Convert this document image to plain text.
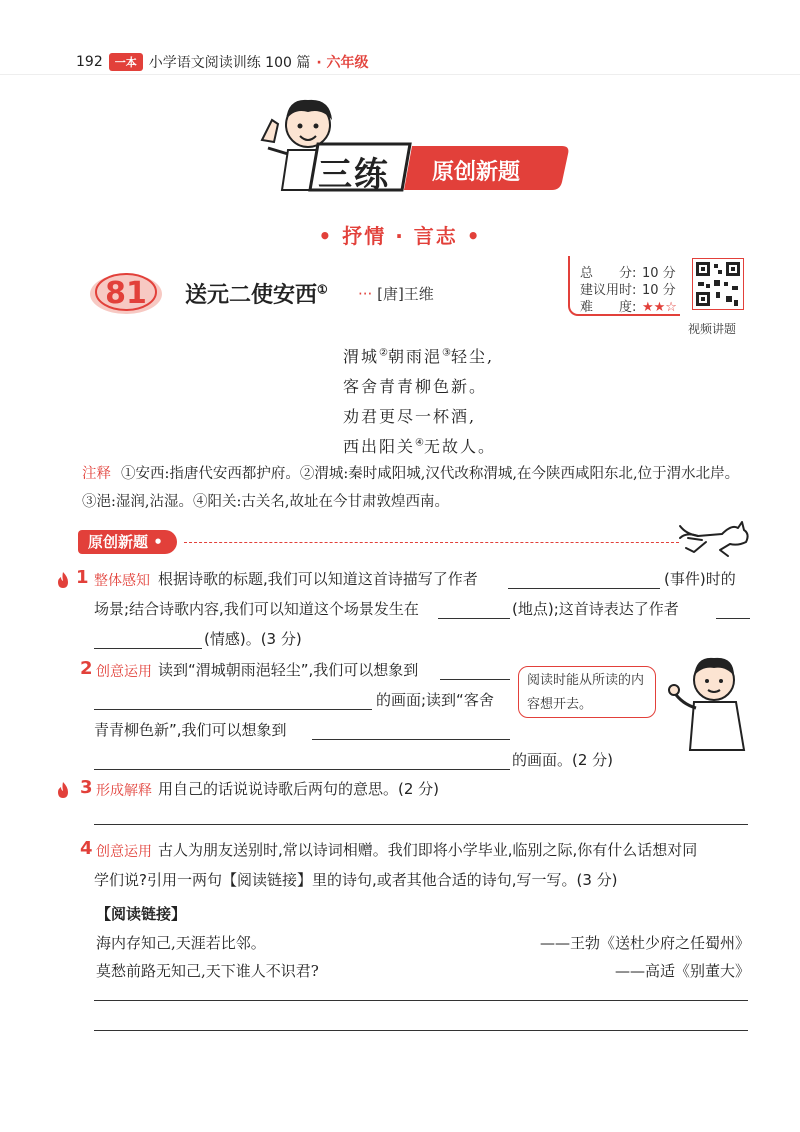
192	一本 小学语文阅读训练 100 篇 · 六年级
三练 原创新题
• 抒情 · 言志 •
81 送元二使安西① ··· [唐]王维
总　　分: 10 分
建议用时: 10 分
难　　度: ★★☆
视频讲题
渭城②朝雨浥③轻尘,
客舍青青柳色新。
劝君更尽一杯酒,
西出阳关④无故人。
注释 ①安西:指唐代安西都护府。②渭城:秦时咸阳城,汉代改称渭城,在今陕西咸阳东北,位于渭水北岸。③浥:湿润,沾湿。④阳关:古关名,故址在今甘肃敦煌西南。
原创新题 •
1 整体感知 根据诗歌的标题,我们可以知道这首诗描写了作者	(事件)时的
场景;结合诗歌内容,我们可以知道这个场景发生在	(地点);这首诗表达了作者
(情感)。(3 分)
2 创意运用 读到“渭城朝雨浥轻尘”,我们可以想象到
的画面;读到“客舍
青青柳色新”,我们可以想象到
的画面。(2 分)
阅读时能从所读的内容想开去。
3 形成解释 用自己的话说说诗歌后两句的意思。(2 分)
4 创意运用 古人为朋友送别时,常以诗词相赠。我们即将小学毕业,临别之际,你有什么话想对同
学们说?引用一两句【阅读链接】里的诗句,或者其他合适的诗句,写一写。(3 分)
【阅读链接】
海内存知己,天涯若比邻。	——王勃《送杜少府之任蜀州》
莫愁前路无知己,天下谁人不识君?	——高适《别董大》
